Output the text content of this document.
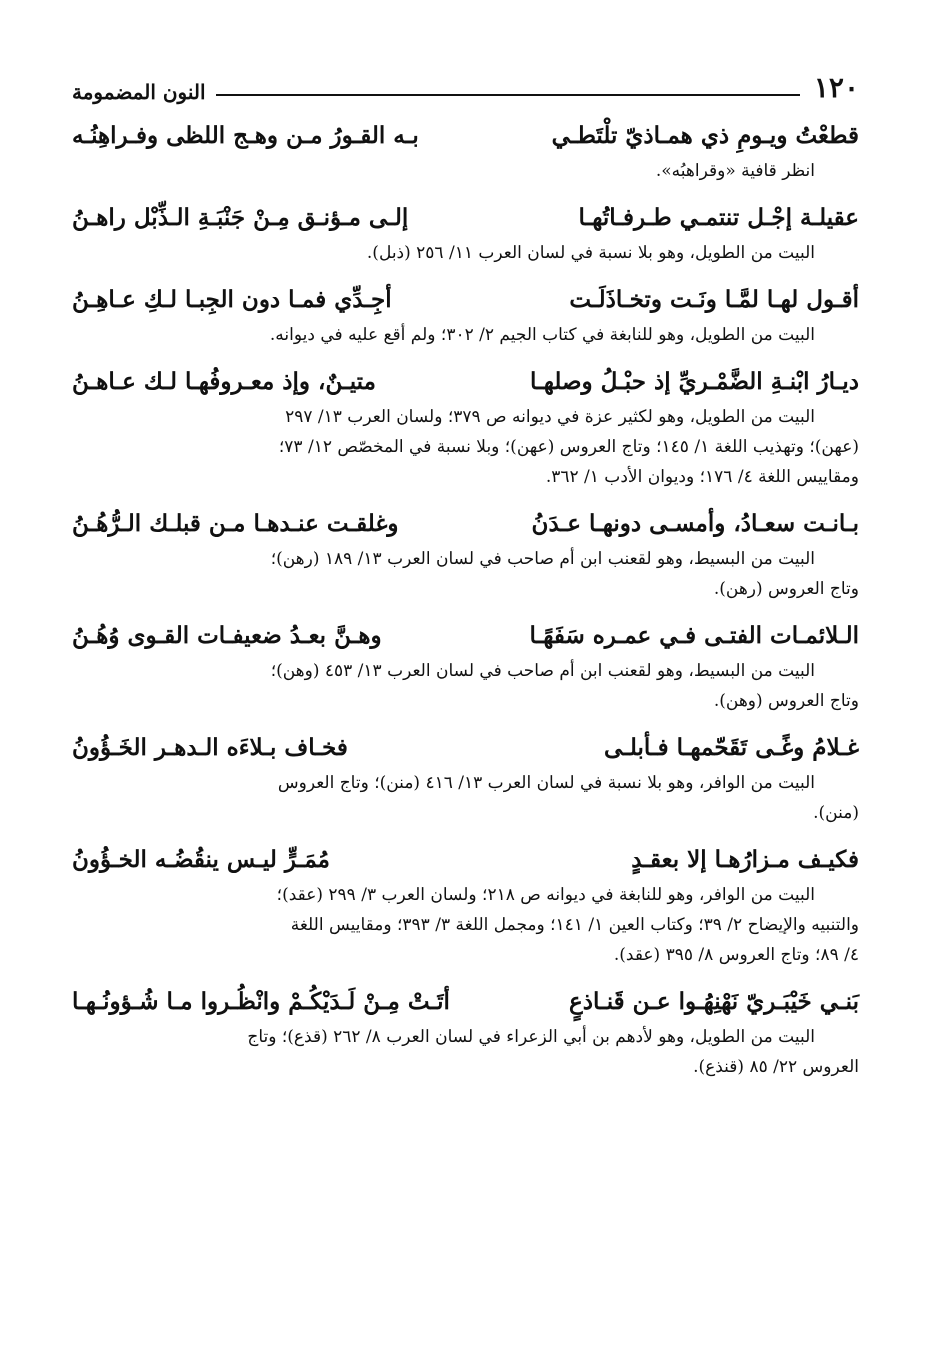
١٢٠
النون المضمومة
قطعْتُ ويـومِ ذي همـاذيّ تلْتَطـي
بـه القـورُ مـن وهـج اللظى وفـراهِنُـه
انظر قافية «وقراهبُه».
عقيلـة إجْـل تنتمـي طـرفـاتُهـا
إلـى مـؤنـق مِـنْ جَنْبَـةِ الـذِّبْل راهـنُ
البيت من الطويل، وهو بلا نسبة في لسان العرب ١١/ ٢٥٦ (ذبل).
أقـول لهـا لمَّـا ونَـت وتخـاذَلَـت
أجِـدِّي فمـا دون الجِبـا لـكِ عـاهِـنُ
البيت من الطويل، وهو للنابغة في كتاب الجيم ٢/ ٣٠٢؛ ولم أقع عليه في ديوانه.
ديـارُ ابْنـةِ الضَّمْـريِّ إذ حبْـلُ وصلهـا
متيـنٌ، وإذ معـروفُهـا لـك عـاهـنُ
البيت من الطويل، وهو لكثير عزة في ديوانه ص ٣٧٩؛ ولسان العرب ١٣/ ٢٩٧
(عهن)؛ وتهذيب اللغة ١/ ١٤٥؛ وتاج العروس (عهن)؛ وبلا نسبة في المخصّص ١٢/ ٧٣؛
ومقاييس اللغة ٤/ ١٧٦؛ وديوان الأدب ١/ ٣٦٢.
بـانـت سعـادُ، وأمسـى دونهـا عـدَنُ
وغلقـت عنـدهـا مـن قبلـك الـرُّهُـنُ
البيت من البسيط، وهو لقعنب ابن أم صاحب في لسان العرب ١٣/ ١٨٩ (رهن)؛
وتاج العروس (رهن).
الـلائمـات الفتـى فـي عمـره سَفَهًـا
وهـنَّ بعـدُ ضعيفـات القـوى وُهُـنُ
البيت من البسيط، وهو لقعنب ابن أم صاحب في لسان العرب ١٣/ ٤٥٣ (وهن)؛
وتاج العروس (وهن).
غـلامُ وغًـى تَقَحّمهـا فـأبلـى
فخـاف بـلاءَه الـدهـر الخَـؤُونُ
البيت من الوافر، وهو بلا نسبة في لسان العرب ١٣/ ٤١٦ (منن)؛ وتاج العروس
(منن).
فكيـف مـزارُهـا إلا بعقـدٍ
مُمَـرٍّ ليـس ينقُضُـه الخـؤُونُ
البيت من الوافر، وهو للنابغة في ديوانه ص ٢١٨؛ ولسان العرب ٣/ ٢٩٩ (عقد)؛
والتنبيه والإيضاح ٢/ ٣٩؛ وكتاب العين ١/ ١٤١؛ ومجمل اللغة ٣/ ٣٩٣؛ ومقاييس اللغة
٤/ ٨٩؛ وتاج العروس ٨/ ٣٩٥ (عقد).
بَنـي خَيْبَـريّ نَهْنِهُـوا عـن قَنـاذعٍ
أتَـتْ مِـنْ لَـدَيْكُـمْ وانْظُـروا مـا شُـؤونُـهـا
البيت من الطويل، وهو لأدهم بن أبي الزعراء في لسان العرب ٨/ ٢٦٢ (قذع)؛ وتاج
العروس ٢٢/ ٨٥ (قنذع).
